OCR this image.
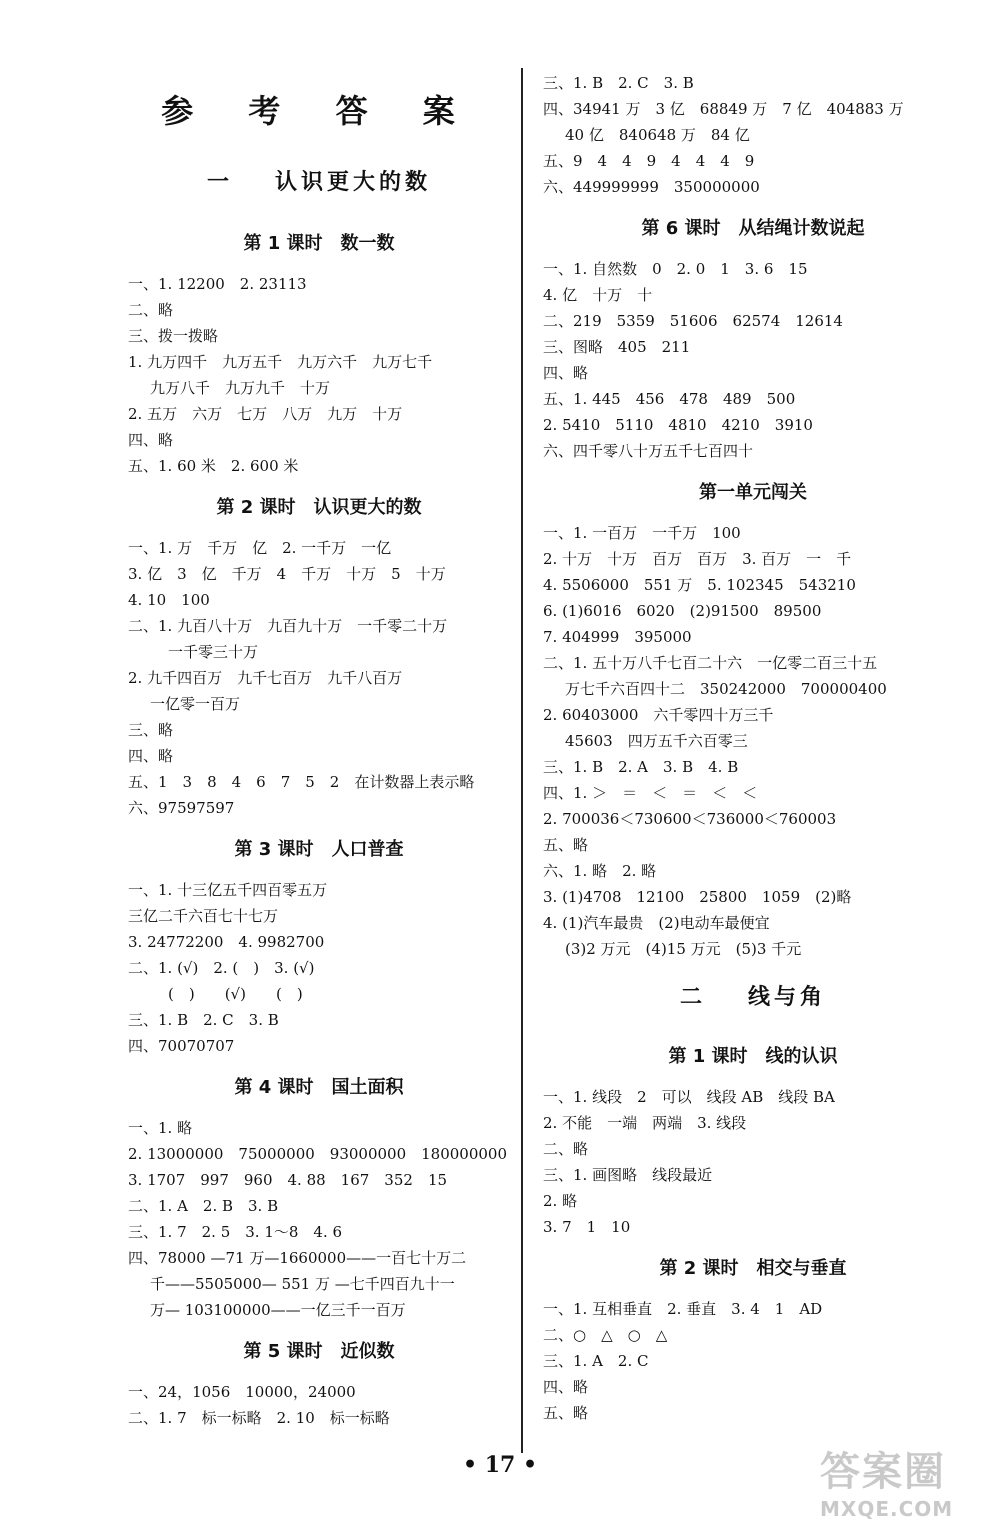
参 考 答 案
一 认识更大的数
第 1 课时　数一数
一、1. 12200　2. 23113
二、略
三、拨一拨略
1. 九万四千　九万五千　九万六千　九万七千
九万八千　九万九千　十万
2. 五万　六万　七万　八万　九万　十万
四、略
五、1. 60 米　2. 600 米
第 2 课时　认识更大的数
一、1. 万　千万　亿　2. 一千万　一亿
3. 亿　3　亿　千万　4　千万　十万　5　十万
4. 10　100
二、1. 九百八十万　九百九十万　一千零二十万
一千零三十万
2. 九千四百万　九千七百万　九千八百万
一亿零一百万
三、略
四、略
五、1　3　8　4　6　7　5　2　在计数器上表示略
六、97597597
第 3 课时　人口普查
一、1. 十三亿五千四百零五万
三亿二千六百七十七万
3. 24772200　4. 9982700
二、1. (√)　2. (　)　3. (√)
(　)　　(√)　　(　)
三、1. B　2. C　3. B
四、70070707
第 4 课时　国土面积
一、1. 略
2. 13000000　75000000　93000000　180000000
3. 1707　997　960　4. 88　167　352　15
二、1. A　2. B　3. B
三、1. 7　2. 5　3. 1～8　4. 6
四、78000 —71 万—1660000——一百七十万二
千——5505000— 551 万 —七千四百九十一
万— 103100000——一亿三千一百万
第 5 课时　近似数
一、24，1056　10000，24000
二、1. 7　标一标略　2. 10　标一标略
三、1. B　2. C　3. B
四、34941 万　3 亿　68849 万　7 亿　404883 万
40 亿　840648 万　84 亿
五、9　4　4　9　4　4　4　9
六、449999999　350000000
第 6 课时　从结绳计数说起
一、1. 自然数　0　2. 0　1　3. 6　15
4. 亿　十万　十
二、219　5359　51606　62574　12614
三、图略　405　211
四、略
五、1. 445　456　478　489　500
2. 5410　5110　4810　4210　3910
六、四千零八十万五千七百四十
第一单元闯关
一、1. 一百万　一千万　100
2. 十万　十万　百万　百万　3. 百万　一　千
4. 5506000　551 万　5. 102345　543210
6. (1)6016　6020　(2)91500　89500
7. 404999　395000
二、1. 五十万八千七百二十六　一亿零二百三十五
万七千六百四十二　350242000　700000400
2. 60403000　六千零四十万三千
45603　四万五千六百零三
三、1. B　2. A　3. B　4. B
四、1. ＞　＝　＜　＝　＜　＜
2. 700036＜730600＜736000＜760003
五、略
六、1. 略　2. 略
3. (1)4708　12100　25800　1059　(2)略
4. (1)汽车最贵　(2)电动车最便宜
(3)2 万元　(4)15 万元　(5)3 千元
二 线与角
第 1 课时　线的认识
一、1. 线段　2　可以　线段 AB　线段 BA
2. 不能　一端　两端　3. 线段
二、略
三、1. 画图略　线段最近
2. 略
3. 7　1　10
第 2 课时　相交与垂直
一、1. 互相垂直　2. 垂直　3. 4　1　AD
二、○　△　○　△
三、1. A　2. C
四、略
五、略
• 17 •	答案圈
MXQE.COM
